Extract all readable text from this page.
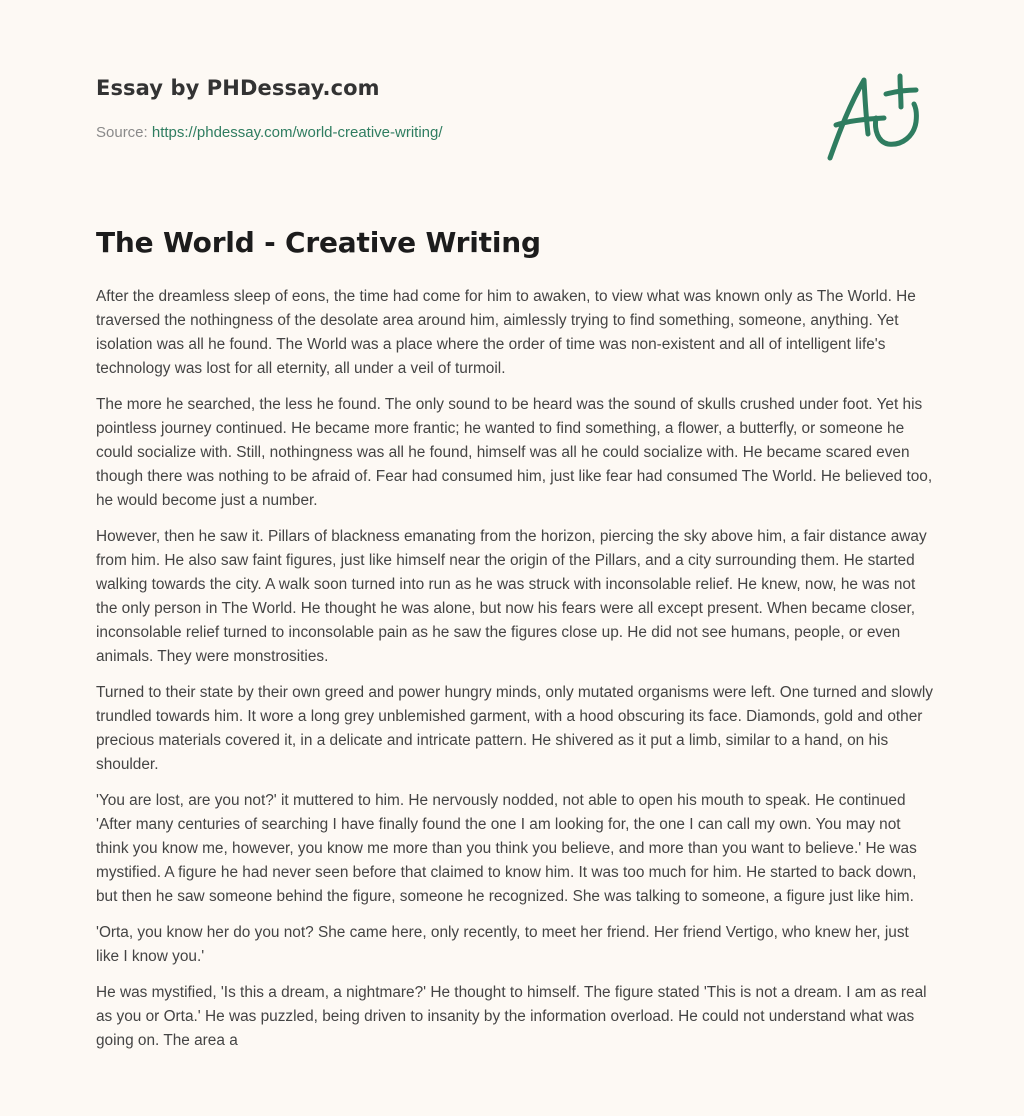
Essay by PHDessay.com
Source: https://phdessay.com/world-creative-writing/
The World - Creative Writing

After the dreamless sleep of eons, the time had come for him to awaken, to view what was known only as The World. He traversed the nothingness of the desolate area around him, aimlessly trying to find something, someone, anything. Yet isolation was all he found. The World was a place where the order of time was non-existent and all of intelligent life's technology was lost for all eternity, all under a veil of turmoil.

The more he searched, the less he found. The only sound to be heard was the sound of skulls crushed under foot. Yet his pointless journey continued. He became more frantic; he wanted to find something, a flower, a butterfly, or someone he could socialize with. Still, nothingness was all he found, himself was all he could socialize with. He became scared even though there was nothing to be afraid of. Fear had consumed him, just like fear had consumed The World. He believed too, he would become just a number.

However, then he saw it. Pillars of blackness emanating from the horizon, piercing the sky above him, a fair distance away from him. He also saw faint figures, just like himself near the origin of the Pillars, and a city surrounding them. He started walking towards the city. A walk soon turned into run as he was struck with inconsolable relief. He knew, now, he was not the only person in The World. He thought he was alone, but now his fears were all except present. When became closer, inconsolable relief turned to inconsolable pain as he saw the figures close up. He did not see humans, people, or even animals. They were monstrosities.

Turned to their state by their own greed and power hungry minds, only mutated organisms were left. One turned and slowly trundled towards him. It wore a long grey unblemished garment, with a hood obscuring its face. Diamonds, gold and other precious materials covered it, in a delicate and intricate pattern. He shivered as it put a limb, similar to a hand, on his shoulder.

'You are lost, are you not?' it muttered to him. He nervously nodded, not able to open his mouth to speak. He continued 'After many centuries of searching I have finally found the one I am looking for, the one I can call my own. You may not think you know me, however, you know me more than you think you believe, and more than you want to believe.' He was mystified. A figure he had never seen before that claimed to know him. It was too much for him. He started to back down, but then he saw someone behind the figure, someone he recognized. She was talking to someone, a figure just like him.

'Orta, you know her do you not? She came here, only recently, to meet her friend. Her friend Vertigo, who knew her, just like I know you.'

He was mystified, 'Is this a dream, a nightmare?' He thought to himself. The figure stated 'This is not a dream. I am as real as you or Orta.' He was puzzled, being driven to insanity by the information overload. He could not understand what was going on. The area a
